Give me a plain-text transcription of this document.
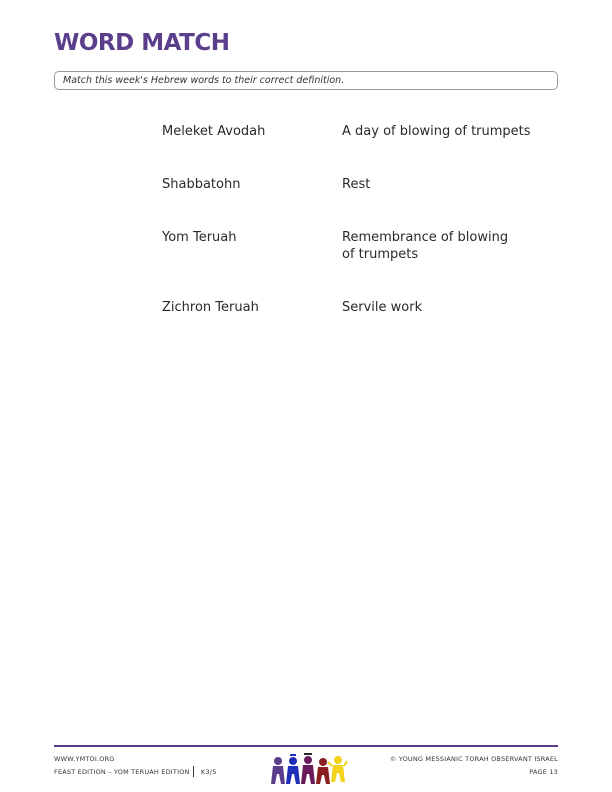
WORD MATCH
Match this week's Hebrew words to their correct definition.
Meleket Avodah
Shabbatohn
Yom Teruah
Zichron Teruah
A day of blowing of trumpets
Rest
Remembrance of blowing
of trumpets
Servile work
WWW.YMTOI.ORG
FEAST EDITION – YOM TERUAH EDITION K3/5
© YOUNG MESSIANIC TORAH OBSERVANT ISRAEL
PAGE 13
